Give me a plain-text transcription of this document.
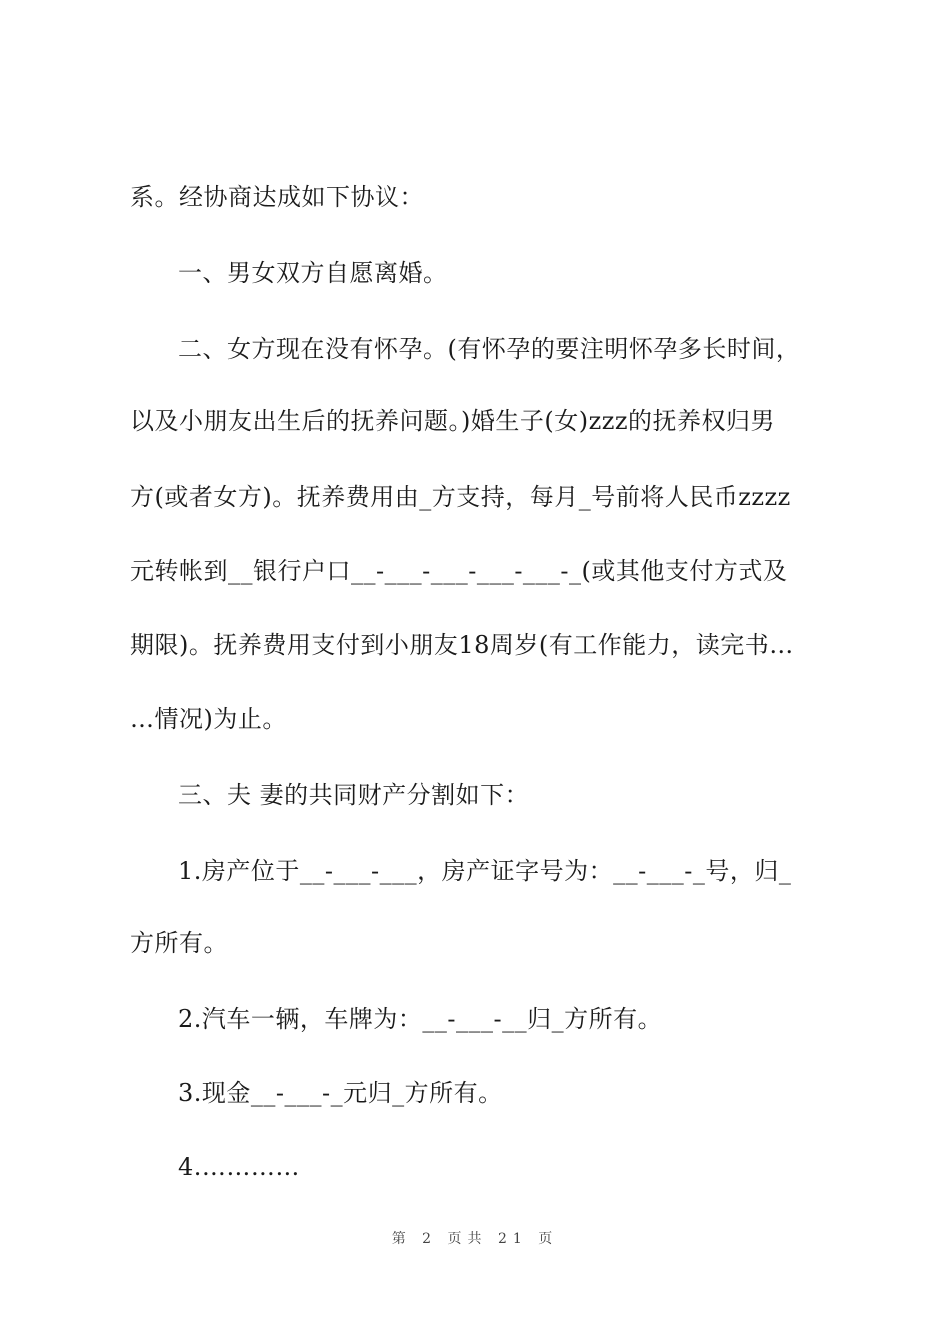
系。经协商达成如下协议：
一、男女双方自愿离婚。
二、女方现在没有怀孕。(有怀孕的要注明怀孕多长时间，
以及小朋友出生后的抚养问题。)婚生子(女)zzz的抚养权归男
方(或者女方)。抚养费用由_方支持，每月_号前将人民币zzzz
元转帐到__银行户口__-___-___-___-___-_(或其他支付方式及
期限)。抚养费用支付到小朋友18周岁(有工作能力，读完书…
…情况)为止。
三、夫 妻的共同财产分割如下：
1.房产位于__-___-___，房产证字号为：__-___-_号，归_
方所有。
2.汽车一辆，车牌为：__-___-__归_方所有。
3.现金__-___-_元归_方所有。
4.…………
第 2 页共 21 页
